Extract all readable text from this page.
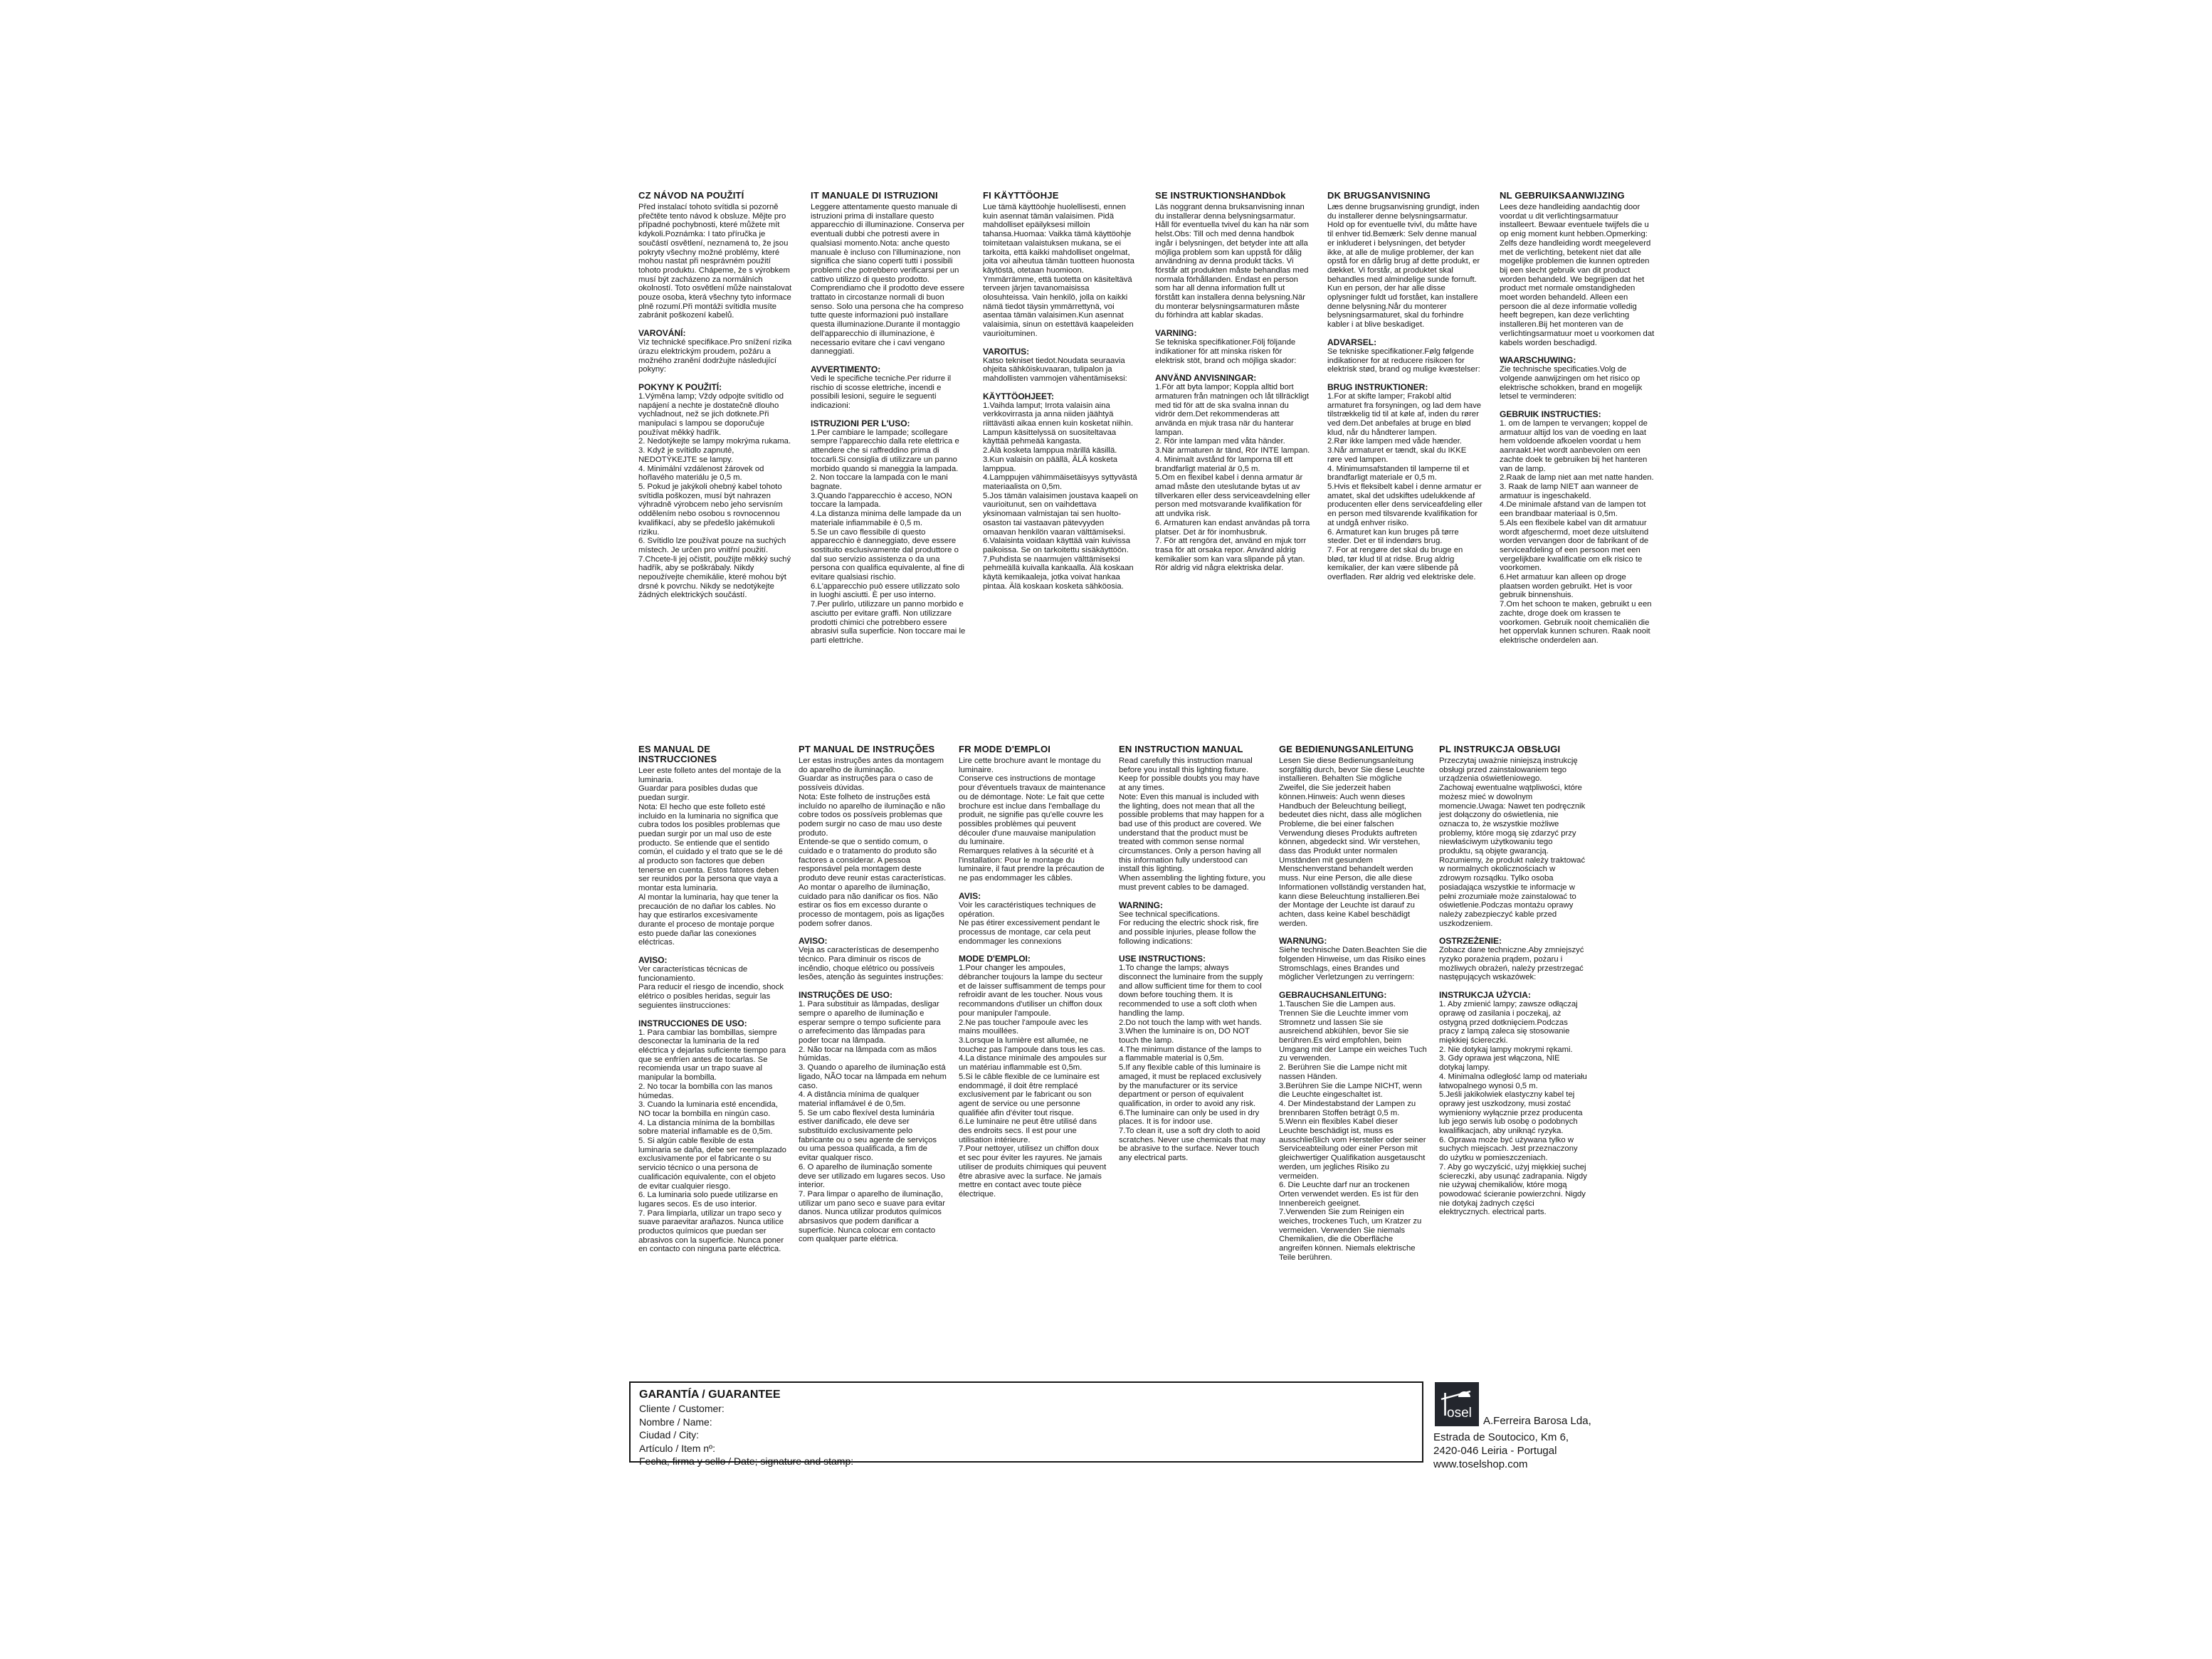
CZ NÁVOD NA POUŽITÍ
Před instalací tohoto svítidla si pozorně přečtěte tento návod k obsluze. Mějte pro případné pochybnosti, které můžete mít kdykoli.Poznámka: I tato příručka je součástí osvětlení, neznamená to, že jsou pokryty všechny možné problémy, které mohou nastat při nesprávném použití tohoto produktu. Chápeme, že s výrobkem musí být zacházeno za normálních okolností. Toto osvětlení může nainstalovat pouze osoba, která všechny tyto informace plně rozumí.Při montáži svítidla musíte zabránit poškození kabelů.
VAROVÁNÍ:
Viz technické specifikace.Pro snížení rizika úrazu elektrickým proudem, požáru a možného zranění dodržujte následující pokyny:
POKYNY K POUŽITÍ:
1.Výměna lamp; Vždy odpojte svítidlo od napájení a nechte je dostatečně dlouho vychladnout, než se jich dotknete.Při manipulaci s lampou se doporučuje používat měkký hadřík.
2. Nedotýkejte se lampy mokrýma rukama.
3. Když je svítidlo zapnuté, NEDOTÝKEJTE se lampy.
4. Minimální vzdálenost žárovek od hořlavého materiálu je 0,5 m.
5. Pokud je jakýkoli ohebný kabel tohoto svítidla poškozen, musí být nahrazen výhradně výrobcem nebo jeho servisním oddělením nebo osobou s rovnocennou kvalifikací, aby se předešlo jakémukoli riziku.
6. Svítidlo lze používat pouze na suchých místech. Je určen pro vnitřní použití.
7.Chcete-li jej očistit, použijte měkký suchý hadřík, aby se poškrábaly. Nikdy nepoužívejte chemikálie, které mohou být drsné k povrchu. Nikdy se nedotýkejte žádných elektrických součástí.
IT MANUALE DI ISTRUZIONI
Leggere attentamente questo manuale di istruzioni prima di installare questo apparecchio di illuminazione. Conserva per eventuali dubbi che potresti avere in qualsiasi momento.Nota: anche questo manuale è incluso con l'illuminazione, non significa che siano coperti tutti i possibili problemi che potrebbero verificarsi per un cattivo utilizzo di questo prodotto. Comprendiamo che il prodotto deve essere trattato in circostanze normali di buon senso. Solo una persona che ha compreso tutte queste informazioni può installare questa illuminazione.Durante il montaggio dell'apparecchio di illuminazione, è necessario evitare che i cavi vengano danneggiati.
AVVERTIMENTO:
Vedi le specifiche tecniche.Per ridurre il rischio di scosse elettriche, incendi e possibili lesioni, seguire le seguenti indicazioni:
ISTRUZIONI PER L'USO:
1.Per cambiare le lampade; scollegare sempre l'apparecchio dalla rete elettrica e attendere che si raffreddino prima di toccarli.Si consiglia di utilizzare un panno morbido quando si maneggia la lampada.
2. Non toccare la lampada con le mani bagnate.
3.Quando l'apparecchio è acceso, NON toccare la lampada.
4.La distanza minima delle lampade da un materiale infiammabile è 0,5 m.
5.Se un cavo flessibile di questo apparecchio è danneggiato, deve essere sostituito esclusivamente dal produttore o dal suo servizio assistenza o da una persona con qualifica equivalente, al fine di evitare qualsiasi rischio.
6.L'apparecchio può essere utilizzato solo in luoghi asciutti. È per uso interno.
7.Per pulirlo, utilizzare un panno morbido e asciutto per evitare graffi. Non utilizzare prodotti chimici che potrebbero essere abrasivi sulla superficie. Non toccare mai le parti elettriche.
FI KÄYTTÖOHJE
Lue tämä käyttöohje huolellisesti, ennen kuin asennat tämän valaisimen. Pidä mahdolliset epäilyksesi milloin tahansa.Huomaa: Vaikka tämä käyttöohje toimitetaan valaistuksen mukana, se ei tarkoita, että kaikki mahdolliset ongelmat, joita voi aiheutua tämän tuotteen huonosta käytöstä, otetaan huomioon. Ymmärrämme, että tuotetta on käsiteltävä terveen järjen tavanomaisissa olosuhteissa. Vain henkilö, jolla on kaikki nämä tiedot täysin ymmärrettynä, voi asentaa tämän valaisimen.Kun asennat valaisimia, sinun on estettävä kaapeleiden vaurioituminen.
VAROITUS:
Katso tekniset tiedot.Noudata seuraavia ohjeita sähköiskuvaaran, tulipalon ja mahdollisten vammojen vähentämiseksi:
KÄYTTÖOHJEET:
1.Vaihda lamput; Irrota valaisin aina verkkovirrasta ja anna niiden jäähtyä riittävästi aikaa ennen kuin kosketat niihin. Lampun käsittelyssä on suositeltavaa käyttää pehmeää kangasta.
2.Älä kosketa lamppua märillä käsillä.
3.Kun valaisin on päällä, ÄLÄ kosketa lamppua.
4.Lamppujen vähimmäisetäisyys syttyvästä materiaalista on 0,5m.
5.Jos tämän valaisimen joustava kaapeli on vaurioitunut, sen on vaihdettava yksinomaan valmistajan tai sen huolto-osaston tai vastaavan pätevyyden omaavan henkilön vaaran välttämiseksi.
6.Valaisinta voidaan käyttää vain kuivissa paikoissa. Se on tarkoitettu sisäkäyttöön.
7.Puhdista se naarmujen välttämiseksi pehmeällä kuivalla kankaalla. Älä koskaan käytä kemikaaleja, jotka voivat hankaa pintaa. Älä koskaan kosketa sähköosia.
SE INSTRUKTIONSHANDbok
Läs noggrant denna bruksanvisning innan du installerar denna belysningsarmatur. Håll för eventuella tvivel du kan ha när som helst.Obs: Till och med denna handbok ingår i belysningen, det betyder inte att alla möjliga problem som kan uppstå för dålig användning av denna produkt täcks. Vi förstår att produkten måste behandlas med normala förhållanden. Endast en person som har all denna information fullt ut förstått kan installera denna belysning.När du monterar belysningsarmaturen måste du förhindra att kablar skadas.
VARNING:
Se tekniska specifikationer.Följ följande indikationer för att minska risken för elektrisk stöt, brand och möjliga skador:
ANVÄND ANVISNINGAR:
1.För att byta lampor; Koppla alltid bort armaturen från matningen och låt tillräckligt med tid för att de ska svalna innan du vidrör dem.Det rekommenderas att använda en mjuk trasa när du hanterar lampan.
2. Rör inte lampan med våta händer.
3.När armaturen är tänd, Rör INTE lampan.
4. Minimalt avstånd för lamporna till ett brandfarligt material är 0,5 m.
5.Om en flexibel kabel i denna armatur är amad måste den uteslutande bytas ut av tillverkaren eller dess serviceavdelning eller person med motsvarande kvalifikation för att undvika risk.
6. Armaturen kan endast användas på torra platser. Det är för inomhusbruk.
7. För att rengöra det, använd en mjuk torr trasa för att orsaka repor. Använd aldrig kemikalier som kan vara slipande på ytan. Rör aldrig vid några elektriska delar.
DK BRUGSANVISNING
Læs denne brugsanvisning grundigt, inden du installerer denne belysningsarmatur. Hold op for eventuelle tvivl, du måtte have til enhver tid.Bemærk: Selv denne manual er inkluderet i belysningen, det betyder ikke, at alle de mulige problemer, der kan opstå for en dårlig brug af dette produkt, er dækket. Vi forstår, at produktet skal behandles med almindelige sunde fornuft. Kun en person, der har alle disse oplysninger fuldt ud forstået, kan installere denne belysning.Når du monterer belysningsarmaturet, skal du forhindre kabler i at blive beskadiget.
ADVARSEL:
Se tekniske specifikationer.Følg følgende indikationer for at reducere risikoen for elektrisk stød, brand og mulige kvæstelser:
BRUG INSTRUKTIONER:
1.For at skifte lamper; Frakobl altid armaturet fra forsyningen, og lad dem have tilstrækkelig tid til at køle af, inden du rører ved dem.Det anbefales at bruge en blød klud, når du håndterer lampen.
2.Rør ikke lampen med våde hænder.
3.Når armaturet er tændt, skal du IKKE røre ved lampen.
4. Minimumsafstanden til lamperne til et brandfarligt materiale er 0,5 m.
5.Hvis et fleksibelt kabel i denne armatur er amatet, skal det udskiftes udelukkende af producenten eller dens serviceafdeling eller en person med tilsvarende kvalifikation for at undgå enhver risiko.
6. Armaturet kan kun bruges på tørre steder. Det er til indendørs brug.
7. For at rengøre det skal du bruge en blød, tør klud til at ridse. Brug aldrig kemikalier, der kan være slibende på overfladen. Rør aldrig ved elektriske dele.
NL GEBRUIKSAANWIJZING
Lees deze handleiding aandachtig door voordat u dit verlichtingsarmatuur installeert. Bewaar eventuele twijfels die u op enig moment kunt hebben.Opmerking: Zelfs deze handleiding wordt meegeleverd met de verlichting, betekent niet dat alle mogelijke problemen die kunnen optreden bij een slecht gebruik van dit product worden behandeld. We begrijpen dat het product met normale omstandigheden moet worden behandeld. Alleen een persoon die al deze informatie volledig heeft begrepen, kan deze verlichting installeren.Bij het monteren van de verlichtingsarmatuur moet u voorkomen dat kabels worden beschadigd.
WAARSCHUWING:
Zie technische specificaties.Volg de volgende aanwijzingen om het risico op elektrische schokken, brand en mogelijk letsel te verminderen:
GEBRUIK INSTRUCTIES:
1. om de lampen te vervangen; koppel de armatuur altijd los van de voeding en laat hem voldoende afkoelen voordat u hem aanraakt.Het wordt aanbevolen om een zachte doek te gebruiken bij het hanteren van de lamp.
2.Raak de lamp niet aan met natte handen.
3. Raak de lamp NIET aan wanneer de armatuur is ingeschakeld.
4.De minimale afstand van de lampen tot een brandbaar materiaal is 0,5m.
5.Als een flexibele kabel van dit armatuur wordt afgeschermd, moet deze uitsluitend worden vervangen door de fabrikant of de serviceafdeling of een persoon met een vergelijkbare kwalificatie om elk risico te voorkomen.
6.Het armatuur kan alleen op droge plaatsen worden gebruikt. Het is voor gebruik binnenshuis.
7.Om het schoon te maken, gebruikt u een zachte, droge doek om krassen te voorkomen. Gebruik nooit chemicaliën die het oppervlak kunnen schuren. Raak nooit elektrische onderdelen aan.
ES MANUAL DE INSTRUCCIONES
Leer este folleto antes del montaje de la luminaria.
Guardar para posibles dudas que puedan surgir.
Nota: El hecho que este folleto esté incluido en la luminaria no significa que cubra todos los posibles problemas que puedan surgir por un mal uso de este producto. Se entiende que el sentido común, el cuidado y el trato que se le dé al producto son factores que deben tenerse en cuenta. Estos fatores deben ser reunidos por la persona que vaya a montar esta luminaria.
Al montar la luminaria, hay que tener la precaución de no dañar los cables. No hay que estirarlos excesivamente durante el proceso de montaje porque esto puede dañar las conexiones eléctricas.
AVISO:
Ver características técnicas de funcionamiento.
Para reducir el riesgo de incendio, shock elétrico o posibles heridas, seguir las seguientes iinstrucciones:
INSTRUCCIONES DE USO:
1. Para cambiar las bombillas, siempre desconectar la luminaria de la red eléctrica y dejarlas suficiente tiempo para que se enfríen antes de tocarlas. Se recomienda usar un trapo suave al manipular la bombilla.
2. No tocar la bombilla con las manos húmedas.
3. Cuando la luminaria esté encendida, NO tocar la bombilla en ningún caso.
4. La distancia mínima de la bombillas sobre material inflamable es de 0,5m.
5. Si algún cable flexible de esta luminaria se daña, debe ser reemplazado exclusivamente por el fabricante o su servicio técnico o una persona de cualificación equivalente, con el objeto de evitar cualquier riesgo.
6. La luminaria solo puede utilizarse en lugares secos. Es de uso interior.
7. Para limpiarla, utilizar un trapo seco y suave paraevitar arañazos. Nunca utilice productos químicos que puedan ser abrasivos con la superficie. Nunca poner en contacto con ninguna parte eléctrica.
PT MANUAL DE INSTRUÇÕES
Ler estas instruções antes da montagem do aparelho de iluminação.
Guardar as instruções para o caso de possíveis dúvidas.
Nota: Este folheto de instruções está incluído no aparelho de iluminação e não cobre todos os possíveis problemas que podem surgir no caso de mau uso deste produto.
Entende-se que o sentido comum, o cuidado e o tratamento do produto são factores a considerar. A pessoa responsável pela montagem deste produto deve reunir estas características. Ao montar o aparelho de iluminação, cuidado para não danificar os fios. Não estirar os fios em excesso durante o processo de montagem, pois as ligações podem sofrer danos.
AVISO:
Veja as características de desempenho técnico. Para diminuir os riscos de incêndio, choque elétrico ou possíveis lesões, atenção às seguintes instruções:
INSTRUÇÕES DE USO:
1. Para substituir as lâmpadas, desligar sempre o aparelho de iluminação e esperar sempre o tempo suficiente para o arrefecimento das lâmpadas para poder tocar na lâmpada.
2. Não tocar na lâmpada com as mãos húmidas.
3. Quando o aparelho de iluminação está ligado, NÃO tocar na lâmpada em nehum caso.
4. A distância mínima de qualquer material inflamável é de 0,5m.
5. Se um cabo flexível desta luminária estiver danificado, ele deve ser substituído exclusivamente pelo fabricante ou o seu agente de serviços ou uma pessoa qualificada, a fim de evitar qualquer risco.
6. O aparelho de iluminação somente deve ser utilizado em lugares secos. Uso interior.
7. Para limpar o aparelho de iluminação, utilizar um pano seco e suave para evitar danos. Nunca utilizar produtos químicos abrsasivos que podem danificar a superfície. Nunca colocar em contacto com qualquer parte elétrica.
FR MODE D'EMPLOI
Lire cette brochure avant le montage du luminaire.
Conserve ces instructions de montage pour d'éventuels travaux de maintenance ou de démontage. Note: Le fait que cette brochure est inclue dans l'emballage du produit, ne signifie pas qu'elle couvre les possibles problèmes qui peuvent découler d'une mauvaise manipulation du luminaire.
Remarques relatives à la sécurité et à l'installation: Pour le montage du luminaire, il faut prendre la précaution de ne pas endommager les câbles.
AVIS:
Voir les caractéristiques techniques de opération.
Ne pas étirer excessivement pendant le processus de montage, car cela peut endommager les connexions
MODE D'EMPLOI:
1.Pour changer les ampoules, débrancher toujours la lampe du secteur et de laisser suffisamment de temps pour refroidir avant de les toucher. Nous vous recommandons d'utiliser un chiffon doux pour manipuler l'ampoule.
2.Ne pas toucher l'ampoule avec les mains mouillées.
3.Lorsque la lumière est allumée, ne touchez pas l'ampoule dans tous les cas.
4.La distance minimale des ampoules sur un matériau inflammable est 0,5m.
5.Si le câble flexible de ce luminaire est endommagé, il doit être remplacé exclusivement par le fabricant ou son agent de service ou une personne qualifiée afin d'éviter tout risque.
6.Le luminaire ne peut être utilisé dans des endroits secs. Il est pour une utilisation intérieure.
7.Pour nettoyer, utilisez un chiffon doux et sec pour éviter les rayures. Ne jamais utiliser de produits chimiques qui peuvent être abrasive avec la surface. Ne jamais mettre en contact avec toute pièce électrique.
EN INSTRUCTION MANUAL
Read carefully this instruction manual before you install this lighting fixture.
Keep for possible doubts you may have at any times.
Note: Even this manual is included with the lighting, does not mean that all the possible problems that may happen for a bad use of this product are covered. We understand that the product must be treated with common sense normal circumstances. Only a person having all this information fully understood can install this lighting.
When assembling the lighting fixture, you must prevent cables to be damaged.
WARNING:
See technical specifications.
For reducing the electric shock risk, fire and possible injuries, please follow the following indications:
USE INSTRUCTIONS:
1.To change the lamps; always disconnect the luminaire from the supply and allow sufficient time for them to cool down before touching them. It is recommended to use a soft cloth when handling the lamp.
2.Do not touch the lamp with wet hands.
3.When the luminaire is on, DO NOT touch the lamp.
4.The minimum distance of the lamps to a flammable material is 0,5m.
5.If any flexible cable of this luminaire is amaged, it must be replaced exclusively by the manufacturer or its service department or person of equivalent qualification, in order to avoid any risk.
6.The luminaire can only be used in dry places. It is for indoor use.
7.To clean it, use a soft dry cloth to aoid scratches. Never use chemicals that may be abrasive to the surface. Never touch any electrical parts.
GE BEDIENUNGSANLEITUNG
Lesen Sie diese Bedienungsanleitung sorgfältig durch, bevor Sie diese Leuchte installieren. Behalten Sie mögliche Zweifel, die Sie jederzeit haben können.Hinweis: Auch wenn dieses Handbuch der Beleuchtung beiliegt, bedeutet dies nicht, dass alle möglichen Probleme, die bei einer falschen Verwendung dieses Produkts auftreten können, abgedeckt sind. Wir verstehen, dass das Produkt unter normalen Umständen mit gesundem Menschenverstand behandelt werden muss. Nur eine Person, die alle diese Informationen vollständig verstanden hat, kann diese Beleuchtung installieren.Bei der Montage der Leuchte ist darauf zu achten, dass keine Kabel beschädigt werden.
WARNUNG:
Siehe technische Daten.Beachten Sie die folgenden Hinweise, um das Risiko eines Stromschlags, eines Brandes und möglicher Verletzungen zu verringern:
GEBRAUCHSANLEITUNG:
1.Tauschen Sie die Lampen aus. Trennen Sie die Leuchte immer vom Stromnetz und lassen Sie sie ausreichend abkühlen, bevor Sie sie berühren.Es wird empfohlen, beim Umgang mit der Lampe ein weiches Tuch zu verwenden.
2. Berühren Sie die Lampe nicht mit nassen Händen.
3.Berühren Sie die Lampe NICHT, wenn die Leuchte eingeschaltet ist.
4. Der Mindestabstand der Lampen zu brennbaren Stoffen beträgt 0,5 m.
5.Wenn ein flexibles Kabel dieser Leuchte beschädigt ist, muss es ausschließlich vom Hersteller oder seiner Serviceabteilung oder einer Person mit gleichwertiger Qualifikation ausgetauscht werden, um jegliches Risiko zu vermeiden.
6. Die Leuchte darf nur an trockenen Orten verwendet werden. Es ist für den Innenbereich geeignet.
7.Verwenden Sie zum Reinigen ein weiches, trockenes Tuch, um Kratzer zu vermeiden. Verwenden Sie niemals Chemikalien, die die Oberfläche angreifen können. Niemals elektrische Teile berühren.
PL INSTRUKCJA OBSŁUGI
Przeczytaj uważnie niniejszą instrukcję obsługi przed zainstalowaniem tego urządzenia oświetleniowego.
Zachowaj ewentualne wątpliwości, które możesz mieć w dowolnym momencie.Uwaga: Nawet ten podręcznik jest dołączony do oświetlenia, nie oznacza to, że wszystkie możliwe problemy, które mogą się zdarzyć przy niewłaściwym użytkowaniu tego produktu, są objęte gwarancją. Rozumiemy, że produkt należy traktować w normalnych okolicznościach w zdrowym rozsądku. Tylko osoba posiadająca wszystkie te informacje w pełni zrozumiałe może zainstalować to oświetlenie.Podczas montażu oprawy należy zabezpieczyć kable przed uszkodzeniem.
OSTRZEŻENIE:
Zobacz dane techniczne.Aby zmniejszyć ryzyko porażenia prądem, pożaru i możliwych obrażeń, należy przestrzegać następujących wskazówek:
INSTRUKCJA UŻYCIA:
1. Aby zmienić lampy; zawsze odłączaj oprawę od zasilania i poczekaj, aż ostygną przed dotknięciem.Podczas pracy z lampą zaleca się stosowanie miękkiej ściereczki.
2. Nie dotykaj lampy mokrymi rękami.
3. Gdy oprawa jest włączona, NIE dotykaj lampy.
4. Minimalna odległość lamp od materiału łatwopalnego wynosi 0,5 m.
5.Jeśli jakikolwiek elastyczny kabel tej oprawy jest uszkodzony, musi zostać wymieniony wyłącznie przez producenta lub jego serwis lub osobę o podobnych kwalifikacjach, aby uniknąć ryzyka.
6. Oprawa może być używana tylko w suchych miejscach. Jest przeznaczony do użytku w pomieszczeniach.
7. Aby go wyczyścić, użyj miękkiej suchej ściereczki, aby usunąć zadrapania. Nigdy nie używaj chemikaliów, które mogą powodować ścieranie powierzchni. Nigdy nie dotykaj żadnych części elektrycznych. electrical parts.
GARANTÍA / GUARANTEE
Cliente / Customer:
Nombre / Name:
Ciudad / City:
Artículo / Item nº:
Fecha, firma y sello / Date; signature and stamp:
osel
A.Ferreira Barosa Lda,
Estrada de Soutocico, Km 6,
2420-046 Leiria - Portugal
www.toselshop.com
